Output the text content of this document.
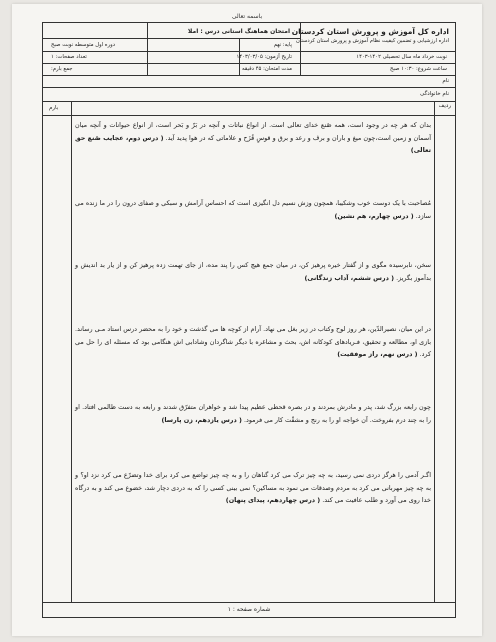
باسمه تعالی
اداره کل آموزش و پرورش استان کردستان
اداره ارزشیابی و تضمین کیفیت نظام آموزش و پرورش استان کردستان
امتحان هماهنگ استانی درس : املا
پایه: نهم
دوره اول متوسطه نوبت صبح
نوبت خرداد ماه سال تحصیلی ۱۴۰۲-۱۴۰۳
تاریخ آزمون: ۱۴۰۳/۰۳/۰۵
تعداد صفحات: ۱
ساعت شروع: ۱۰:۳۰ صبح
مدت امتحان: ۴۵ دقیقه
جمع بارم:
نام
نام خانوادگی
ردیف
بارم

بدان که هر چه در وجود است، همه صُنع خدای تعالی است. از انواع نباتات و آنچه در بَرّ و بَحر است، از انواع حیوانات و آنچه میان آسمان و زمین است،چون میغ و باران و برف و رعد و برق و قوسِ قُزَح و علاماتی که در هوا پدید آید. ( درس دوم، عجایب صُنع حق تعالی)

مُصاحبت با یک دوست خوب وشکیبا، همچون وزش نسیم دل انگیزی است که احساس آرامش و سبکی و صفای درون را در ما زنده می سازد. ( درس چهارم، هم نشین)

سخن، نابرسیده مگوی و از گفتار خیره پرهیز کن، در میان جمع هیچ کس را پند مده، از جای تهمت زده پرهیز کن و از یار بد اندیش و بدآموز بگریز. ( درس ششم، آداب زندگانی)

در این میان، نصیرالدّین، هر روز لوح وکتاب در زیر بغل می نهاد. آرام از کوچه ها می گذشت و خود را به محضر درس استاد مـی رساند. بازی او، مطالعه و تحقیق، فـریادهای کودکانه اش، بحث و مشاغره با دیگر شاگردان وشادابی اش هنگامی بود که مسئله ای را حل می کرد. ( درس نهم، راز موفقیت)

چون رابعه بزرگ شد، پدر و مادرش بمردند و در بصره قحطی عظیم پیدا شد و خواهران متفرّق شدند و رابعه به دست ظالمی افتاد. او را به چند درم بفروخت. آن خواجه او را به رنج و مشقّت کار می فرمود. ( درس یازدهم، زن پارسا)

اگـر آدمی را هرگز دردی نمی رسید، به چه چیز ترک می کرد گناهان را و به چه چیز تواضع می کرد برای خدا وتضرّع می کرد نزد او؟ و به چه چیز مهربانی می کرد به مردم وصدقات می نمود به مساکین؟ نمی بینی کسی را که به دردی دچار شد، خضوع می کند و به درگاه خدا روی می آورد و طلب عافیت می کند. ( درس چهاردهم، پیدای پنهان)

شماره صفحه : ۱
